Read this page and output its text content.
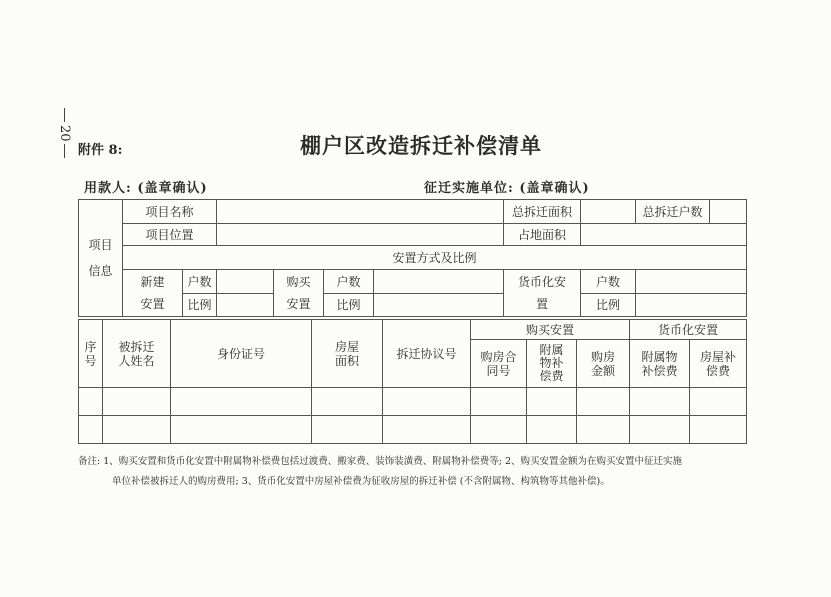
20
附件 8:	棚户区改造拆迁补偿清单
用款人: (盖章确认)	征迁实施单位: (盖章确认)
项目信息	项目名称						总拆迁面积		总拆迁户数	
	项目位置						占地面积			
	安置方式及比例									
	新建安置	户数		购买安置	户数		货币化安置	户数		
		比例			比例			比例		
序号	被拆迁人姓名	身份证号	房屋面积	拆迁协议号	购买安置			货币化安置	
					购房合同号	附属物补偿费	购房金额	附属物补偿费	房屋补偿费

备注: 1、购买安置和货币化安置中附属物补偿费包括过渡费、搬家费、装饰装潢费、附属物补偿费等; 2、购买安置金额为在购买安置中征迁实施
单位补偿被拆迁人的购房费用; 3、货币化安置中房屋补偿费为征收房屋的拆迁补偿 (不含附属物、构筑物等其他补偿)。
